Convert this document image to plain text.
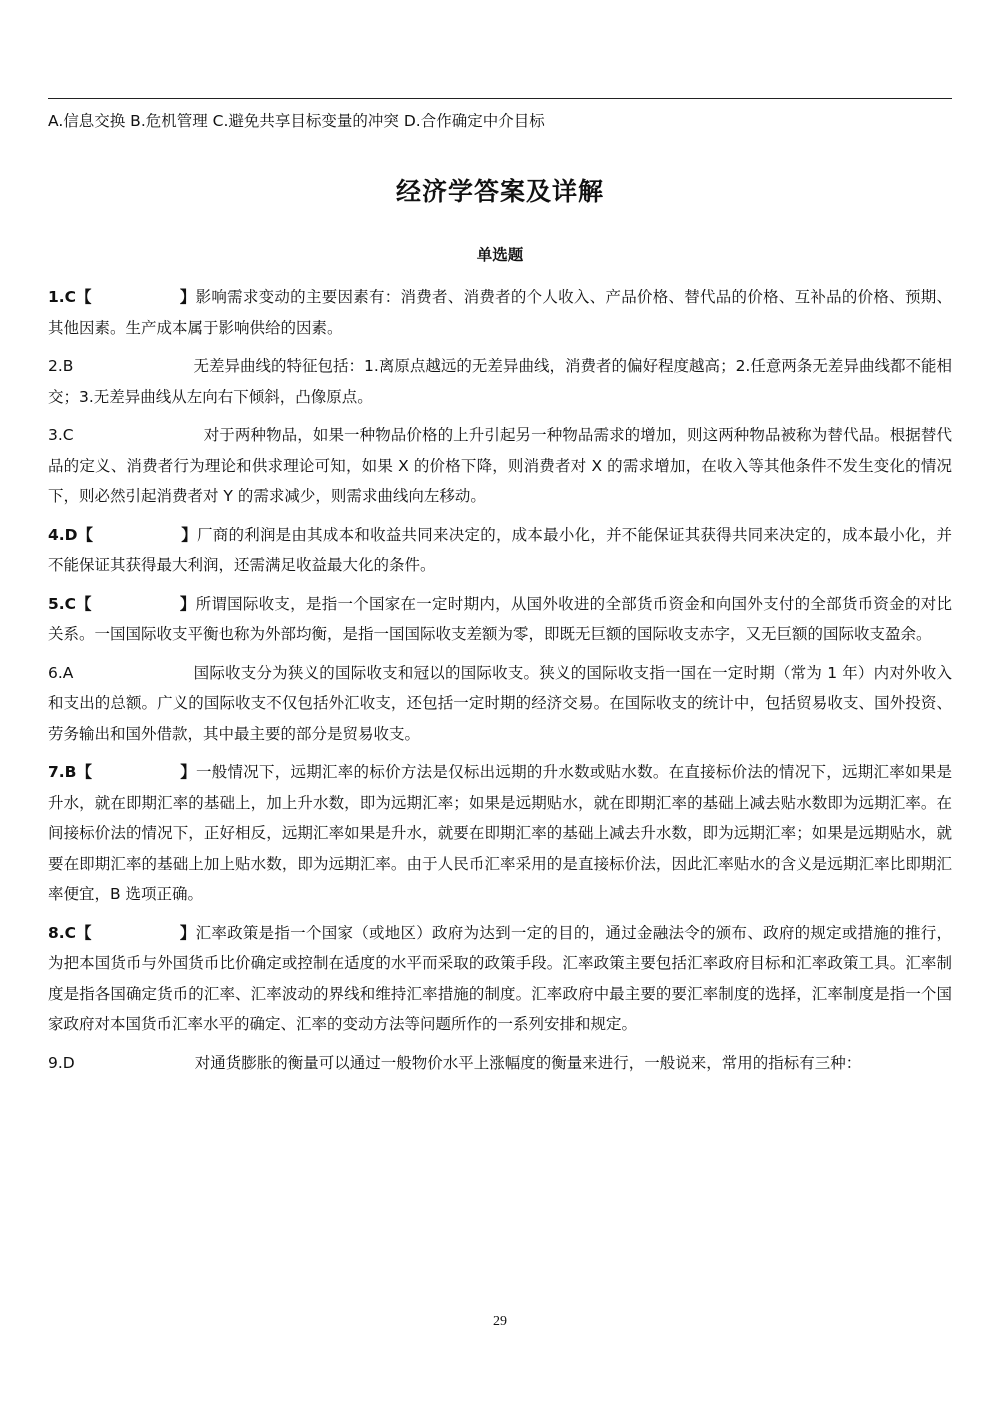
A.信息交换 B.危机管理 C.避免共享目标变量的冲突 D.合作确定中介目标
经济学答案及详解
单选题

1.C【	】影响需求变动的主要因素有：消费者、消费者的个人收入、产品价格、替代品的价格、互补品的价格、预期、其他因素。生产成本属于影响供给的因素。

2.B	无差异曲线的特征包括：1.离原点越远的无差异曲线，消费者的偏好程度越高；2.任意两条无差异曲线都不能相交；3.无差异曲线从左向右下倾斜，凸像原点。

3.C	对于两种物品，如果一种物品价格的上升引起另一种物品需求的增加，则这两种物品被称为替代品。根据替代品的定义、消费者行为理论和供求理论可知，如果 X 的价格下降，则消费者对 X 的需求增加，在收入等其他条件不发生变化的情况下，则必然引起消费者对 Y 的需求减少，则需求曲线向左移动。

4.D【	】厂商的利润是由其成本和收益共同来决定的，成本最小化，并不能保证其获得共同来决定的，成本最小化，并不能保证其获得最大利润，还需满足收益最大化的条件。

5.C【	】所谓国际收支，是指一个国家在一定时期内，从国外收进的全部货币资金和向国外支付的全部货币资金的对比关系。一国国际收支平衡也称为外部均衡，是指一国国际收支差额为零，即既无巨额的国际收支赤字，又无巨额的国际收支盈余。

6.A	国际收支分为狭义的国际收支和冠以的国际收支。狭义的国际收支指一国在一定时期（常为 1 年）内对外收入和支出的总额。广义的国际收支不仅包括外汇收支，还包括一定时期的经济交易。在国际收支的统计中，包括贸易收支、国外投资、劳务输出和国外借款，其中最主要的部分是贸易收支。

7.B【	】一般情况下，远期汇率的标价方法是仅标出远期的升水数或贴水数。在直接标价法的情况下，远期汇率如果是升水，就在即期汇率的基础上，加上升水数，即为远期汇率；如果是远期贴水，就在即期汇率的基础上减去贴水数即为远期汇率。在间接标价法的情况下，正好相反，远期汇率如果是升水，就要在即期汇率的基础上减去升水数，即为远期汇率；如果是远期贴水，就要在即期汇率的基础上加上贴水数，即为远期汇率。由于人民币汇率采用的是直接标价法，因此汇率贴水的含义是远期汇率比即期汇率便宜，B 选项正确。

8.C【	】汇率政策是指一个国家（或地区）政府为达到一定的目的，通过金融法令的颁布、政府的规定或措施的推行，为把本国货币与外国货币比价确定或控制在适度的水平而采取的政策手段。汇率政策主要包括汇率政府目标和汇率政策工具。汇率制度是指各国确定货币的汇率、汇率波动的界线和维持汇率措施的制度。汇率政府中最主要的要汇率制度的选择，汇率制度是指一个国家政府对本国货币汇率水平的确定、汇率的变动方法等问题所作的一系列安排和规定。

9.D	对通货膨胀的衡量可以通过一般物价水平上涨幅度的衡量来进行，一般说来，常用的指标有三种：

29
